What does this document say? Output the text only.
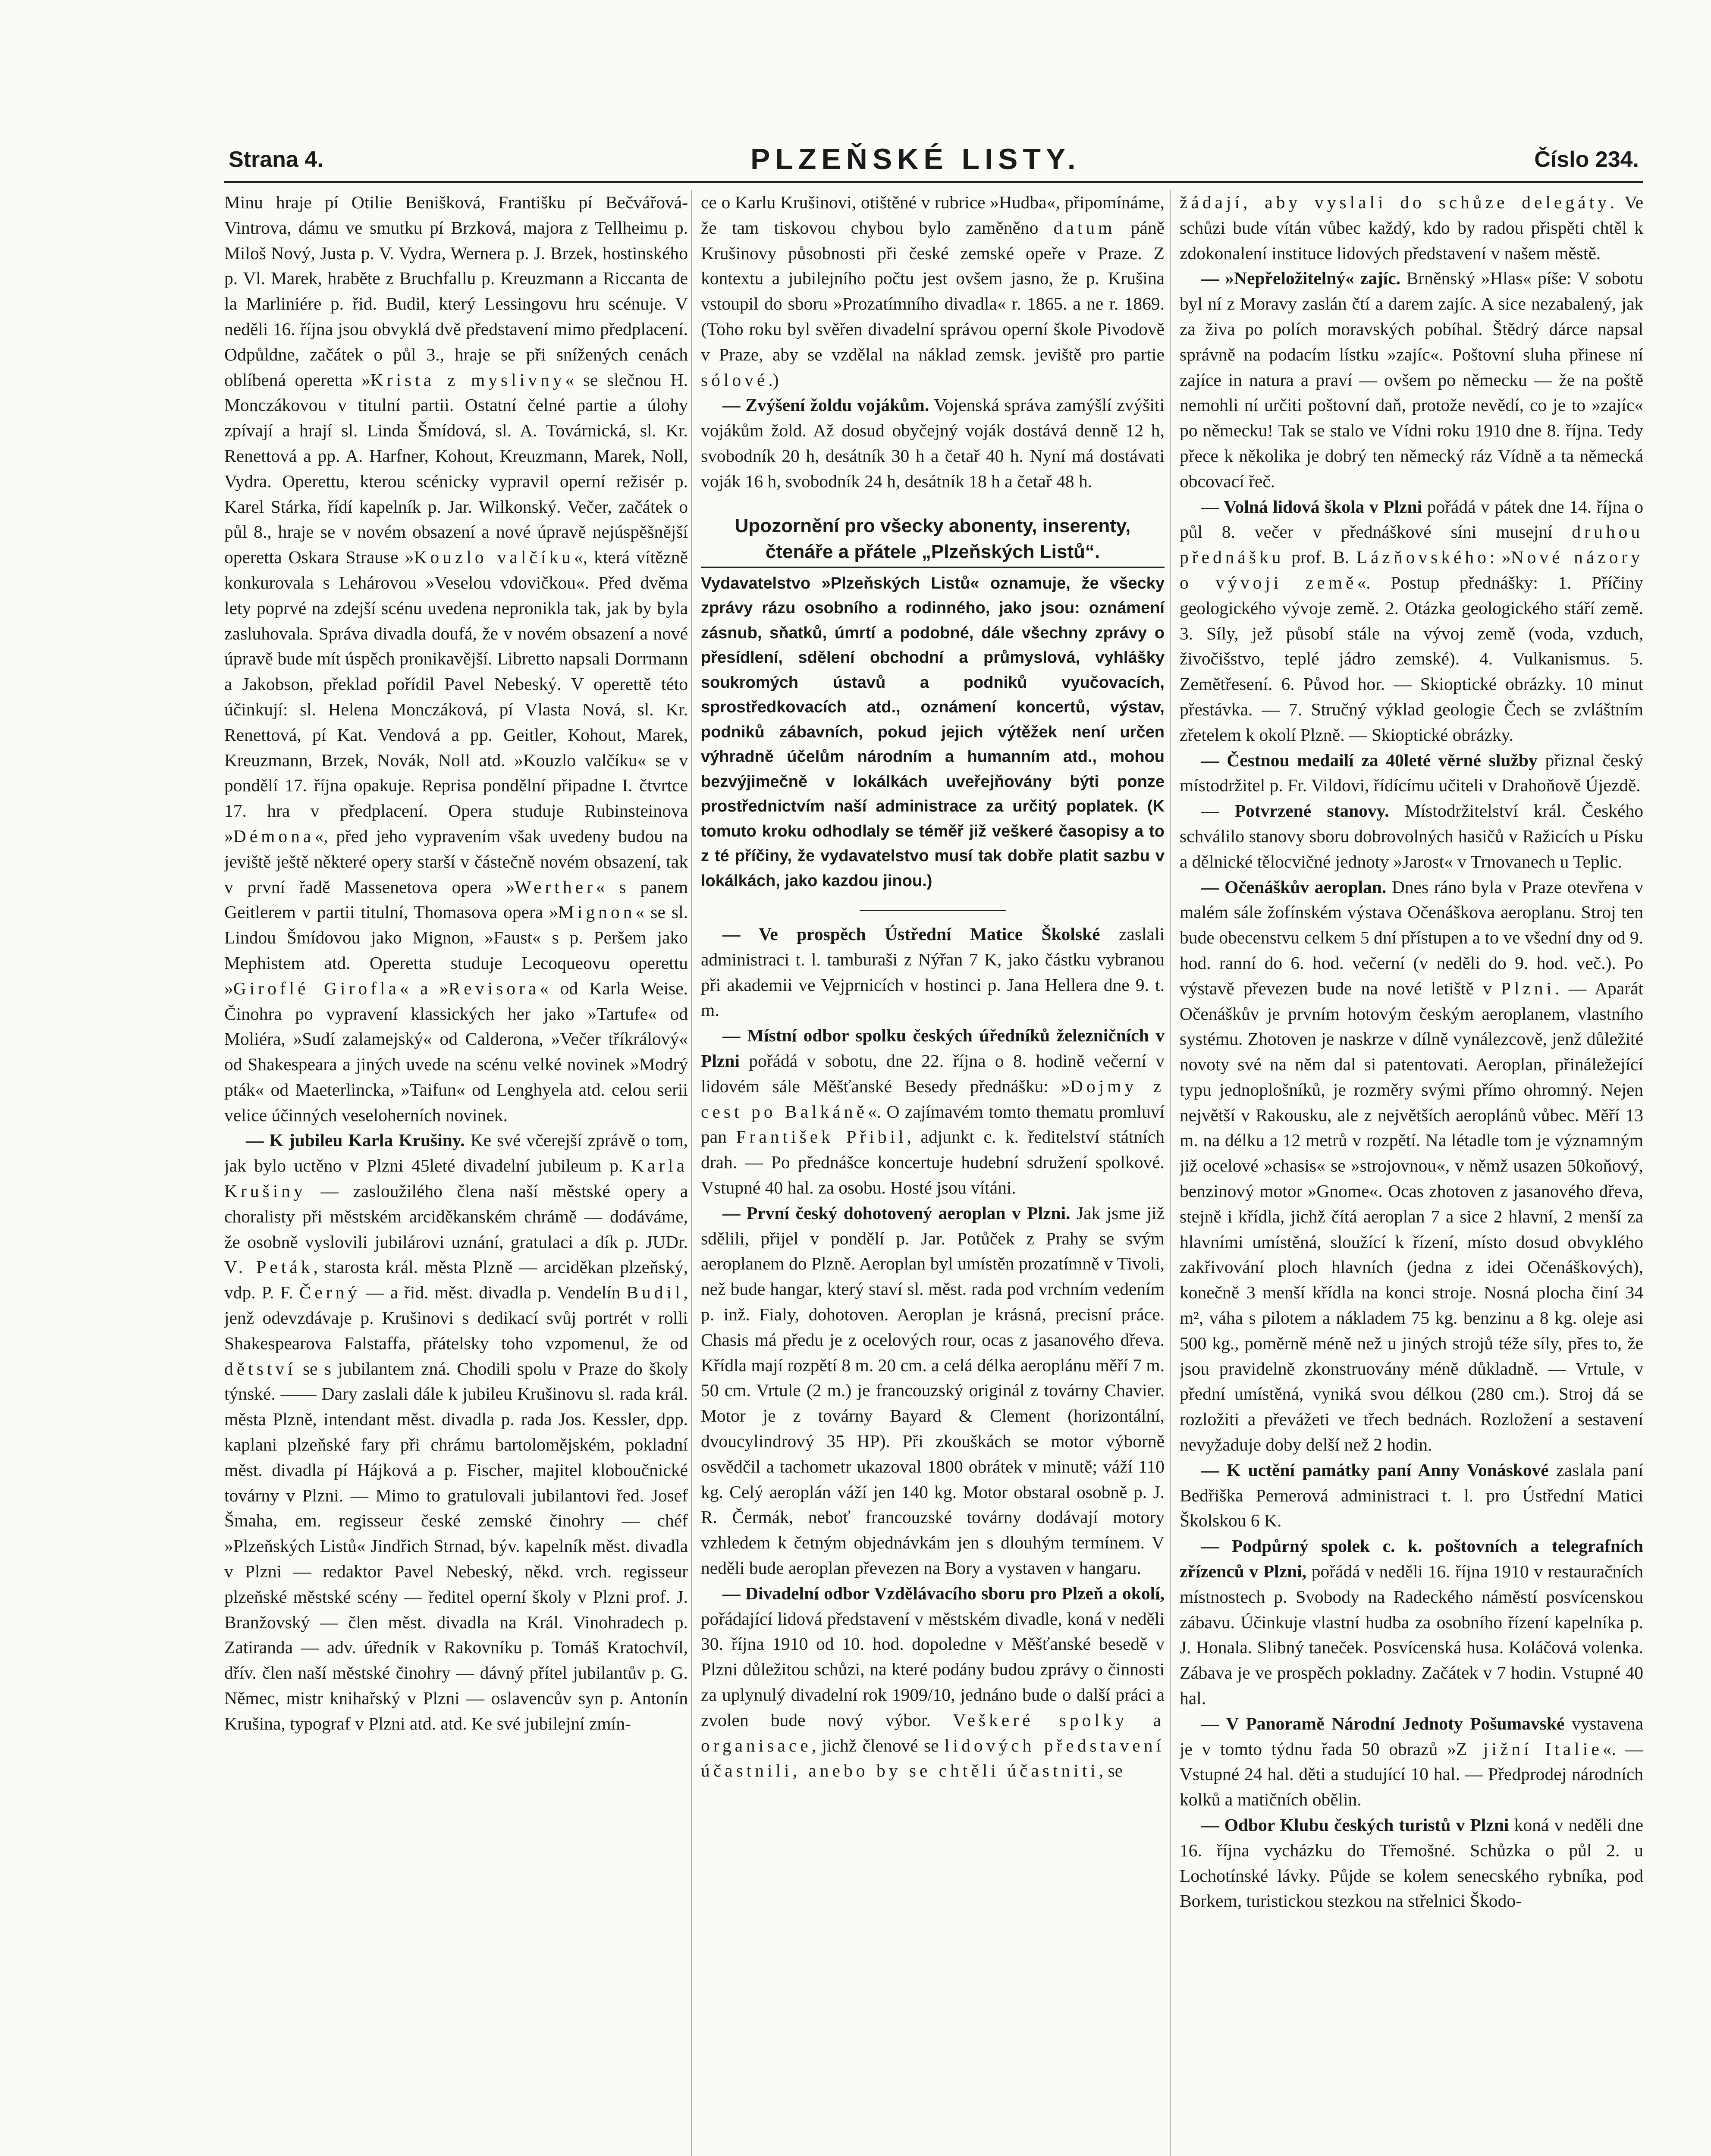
Strana 4.	PLZEŇSKÉ LISTY.	Číslo 234.

Minu hraje pí Otilie Benišková, Františku pí Bečvářová-Vintrova, dámu ve smutku pí Brzková, majora z Tellheimu p. Miloš Nový, Justa p. V. Vydra, Wernera p. J. Brzek, hostinského p. Vl. Marek, hraběte z Bruchfallu p. Kreuzmann a Riccanta de la Marliniére p. řid. Budil, který Lessingovu hru scénuje. V neděli 16. října jsou obvyklá dvě představení mimo předplacení. Odpůldne, začátek o půl 3., hraje se při snížených cenách oblíbená operetta »Krista z myslivny« se slečnou H. Monczákovou v titulní partii. Ostatní čelné partie a úlohy zpívají a hrají sl. Linda Šmídová, sl. A. Továrnická, sl. Kr. Renettová a pp. A. Harfner, Kohout, Kreuzmann, Marek, Noll, Vydra. Operettu, kterou scénicky vypravil operní režisér p. Karel Stárka, řídí kapelník p. Jar. Wilkonský. Večer, začátek o půl 8., hraje se v novém obsazení a nové úpravě nejúspěšnější operetta Oskara Strause »Kouzlo valčíku«, která vítězně konkurovala s Lehárovou »Veselou vdovičkou«. Před dvěma lety poprvé na zdejší scénu uvedena nepronikla tak, jak by byla zasluhovala. Správa divadla doufá, že v novém obsazení a nové úpravě bude mít úspěch pronikavější. Libretto napsali Dorrmann a Jakobson, překlad pořídil Pavel Nebeský. V operettě této účinkují: sl. Helena Monczáková, pí Vlasta Nová, sl. Kr. Renettová, pí Kat. Vendová a pp. Geitler, Kohout, Marek, Kreuzmann, Brzek, Novák, Noll atd. »Kouzlo valčíku« se v pondělí 17. října opakuje. Reprisa pondělní připadne I. čtvrtce 17. hra v předplacení. Opera studuje Rubinsteinova »Démona«, před jeho vypravením však uvedeny budou na jeviště ještě některé opery starší v částečně novém obsazení, tak v první řadě Massenetova opera »Werther« s panem Geitlerem v partii titulní, Thomasova opera »Mignon« se sl. Lindou Šmídovou jako Mignon, »Faust« s p. Peršem jako Mephistem atd. Operetta studuje Lecoqueovu operettu »Giroflé Girofla« a »Revisora« od Karla Weise. Činohra po vypravení klassických her jako »Tartufe« od Moliéra, »Sudí zalamejský« od Calderona, »Večer tříkrálový« od Shakespeara a jiných uvede na scénu velké novinek »Modrý pták« od Maeterlincka, »Taifun« od Lenghyela atd. celou serii velice účinných veseloherních novinek.

— K jubileu Karla Krušiny. Ke své včerejší zprávě o tom, jak bylo uctěno v Plzni 45leté divadelní jubileum p. Karla Krušiny — zasloužilého člena naší městské opery a choralisty při městském arciděkanském chrámě — dodáváme, že osobně vyslovili jubilárovi uznání, gratulaci a dík p. JUDr. V. Peták, starosta král. města Plzně — arciděkan plzeňský, vdp. P. F. Černý — a řid. měst. divadla p. Vendelín Budil, jenž odevzdávaje p. Krušinovi s dedikací svůj portrét v rolli Shakespearova Falstaffa, přátelsky toho vzpomenul, že od dětství se s jubilantem zná. Chodili spolu v Praze do školy týnské. —— Dary zaslali dále k jubileu Krušinovu sl. rada král. města Plzně, intendant měst. divadla p. rada Jos. Kessler, dpp. kaplani plzeňské fary při chrámu bartolomějském, pokladní měst. divadla pí Hájková a p. Fischer, majitel kloboučnické továrny v Plzni. — Mimo to gratulovali jubilantovi řed. Josef Šmaha, em. regisseur české zemské činohry — chéf »Plzeňských Listů« Jindřich Strnad, býv. kapelník měst. divadla v Plzni — redaktor Pavel Nebeský, někd. vrch. regisseur plzeňské městské scény — ředitel operní školy v Plzni prof. J. Branžovský — člen měst. divadla na Král. Vinohradech p. Zatiranda — adv. úředník v Rakovníku p. Tomáš Kratochvíl, dřív. člen naší městské činohry — dávný přítel jubilantův p. G. Němec, mistr knihařský v Plzni — oslavencův syn p. Antonín Krušina, typograf v Plzni atd. atd. Ke své jubilejní zmín-

ce o Karlu Krušinovi, otištěné v rubrice »Hudba«, připomínáme, že tam tiskovou chybou bylo zaměněno datum páně Krušinovy působnosti při české zemské opeře v Praze. Z kontextu a jubilejního počtu jest ovšem jasno, že p. Krušina vstoupil do sboru »Prozatímního divadla« r. 1865. a ne r. 1869. (Toho roku byl svěřen divadelní správou operní škole Pivodově v Praze, aby se vzdělal na náklad zemsk. jeviště pro partie sólové.)

— Zvýšení žoldu vojákům. Vojenská správa zamýšlí zvýšiti vojákům žold. Až dosud obyčejný voják dostává denně 12 h, svobodník 20 h, desátník 30 h a četař 40 h. Nyní má dostávati voják 16 h, svobodník 24 h, desátník 18 h a četař 48 h.

Upozornění pro všecky abonenty, inserenty, čtenáře a přátele „Plzeňských Listů“.
Vydavatelstvo »Plzeňských Listů« oznamuje, že všecky zprávy rázu osobního a rodinného, jako jsou: oznámení zásnub, sňatků, úmrtí a podobné, dále všechny zprávy o přesídlení, sdělení obchodní a průmyslová, vyhlášky soukromých ústavů a podniků vyučovacích, sprostředkovacích atd., oznámení koncertů, výstav, podniků zábavních, pokud jejich výtěžek není určen výhradně účelům národním a humanním atd., mohou bezvýjimečně v lokálkách uveřejňovány býti ponze prostřednictvím naší administrace za určitý poplatek. (K tomuto kroku odhodlaly se téměř již veškeré časopisy a to z té příčiny, že vydavatelstvo musí tak dobře platit sazbu v lokálkách, jako kazdou jinou.)

— Ve prospěch Ústřední Matice Školské zaslali administraci t. l. tamburaši z Nýřan 7 K, jako částku vybranou při akademii ve Vejprnicích v hostinci p. Jana Hellera dne 9. t. m.

— Místní odbor spolku českých úředníků železničních v Plzni pořádá v sobotu, dne 22. října o 8. hodině večerní v lidovém sále Měšťanské Besedy přednášku: »Dojmy z cest po Balkáně«. O zajímavém tomto thematu promluví pan František Přibil, adjunkt c. k. ředitelství státních drah. — Po přednášce koncertuje hudební sdružení spolkové. Vstupné 40 hal. za osobu. Hosté jsou vítáni.

— První český dohotovený aeroplan v Plzni. Jak jsme již sdělili, přijel v pondělí p. Jar. Potůček z Prahy se svým aeroplanem do Plzně. Aeroplan byl umístěn prozatímně v Tivoli, než bude hangar, který staví sl. měst. rada pod vrchním vedením p. inž. Fialy, dohotoven. Aeroplan je krásná, precisní práce. Chasis má předu je z ocelových rour, ocas z jasanového dřeva. Křídla mají rozpětí 8 m. 20 cm. a celá délka aeroplánu měří 7 m. 50 cm. Vrtule (2 m.) je francouzský originál z továrny Chavier. Motor je z továrny Bayard & Clement (horizontální, dvoucylindrový 35 HP). Při zkouškách se motor výborně osvědčil a tachometr ukazoval 1800 obrátek v minutě; váží 110 kg. Celý aeroplán váží jen 140 kg. Motor obstaral osobně p. J. R. Čermák, neboť francouzské továrny dodávají motory vzhledem k četným objednávkám jen s dlouhým termínem. V neděli bude aeroplan převezen na Bory a vystaven v hangaru.

— Divadelní odbor Vzdělávacího sboru pro Plzeň a okolí, pořádající lidová představení v městském divadle, koná v neděli 30. října 1910 od 10. hod. dopoledne v Měšťanské besedě v Plzni důležitou schůzi, na které podány budou zprávy o činnosti za uplynulý divadelní rok 1909/10, jednáno bude o další práci a zvolen bude nový výbor. Veškeré spolky a organisace, jichž členové se lidových představení účastnili, anebo by se chtěli účastniti, se

žádají, aby vyslali do schůze delegáty. Ve schůzi bude vítán vůbec každý, kdo by radou přispěti chtěl k zdokonalení instituce lidových představení v našem městě.

— »Nepřeložitelný« zajíc. Brněnský »Hlas« píše: V sobotu byl ní z Moravy zaslán čtí a darem zajíc. A sice nezabalený, jak za živa po polích moravských pobíhal. Štědrý dárce napsal správně na podacím lístku »zajíc«. Poštovní sluha přinese ní zajíce in natura a praví — ovšem po německu — že na poště nemohli ní určiti poštovní daň, protože nevědí, co je to »zajíc« po německu! Tak se stalo ve Vídni roku 1910 dne 8. října. Tedy přece k několika je dobrý ten německý ráz Vídně a ta německá obcovací řeč.

— Volná lidová škola v Plzni pořádá v pátek dne 14. října o půl 8. večer v přednáškové síni musejní druhou přednášku prof. B. Lázňovského: »Nové názory o vývoji země«. Postup přednášky: 1. Příčiny geologického vývoje země. 2. Otázka geologického stáří země. 3. Síly, jež působí stále na vývoj země (voda, vzduch, živočišstvo, teplé jádro zemské). 4. Vulkanismus. 5. Zemětřesení. 6. Původ hor. — Skioptické obrázky. 10 minut přestávka. — 7. Stručný výklad geologie Čech se zvláštním zřetelem k okolí Plzně. — Skioptické obrázky.

— Čestnou medailí za 40leté věrné služby přiznal český místodržitel p. Fr. Vildovi, řídícímu učiteli v Drahoňově Újezdě.

— Potvrzené stanovy. Místodržitelství král. Českého schválilo stanovy sboru dobrovolných hasičů v Ražicích u Písku a dělnické tělocvičné jednoty »Jarost« v Trnovanech u Teplic.

— Očenáškův aeroplan. Dnes ráno byla v Praze otevřena v malém sále žofínském výstava Očenáškova aeroplanu. Stroj ten bude obecenstvu celkem 5 dní přístupen a to ve všední dny od 9. hod. ranní do 6. hod. večerní (v neděli do 9. hod. več.). Po výstavě převezen bude na nové letiště v Plzni. — Aparát Očenáškův je prvním hotovým českým aeroplanem, vlastního systému. Zhotoven je naskrze v dílně vynálezcově, jenž důležité novoty své na něm dal si patentovati. Aeroplan, přináležející typu jednoplošníků, je rozměry svými přímo ohromný. Nejen největší v Rakousku, ale z největších aeroplánů vůbec. Měří 13 m. na délku a 12 metrů v rozpětí. Na létadle tom je významným již ocelové »chasis« se »strojovnou«, v němž usazen 50koňový, benzinový motor »Gnome«. Ocas zhotoven z jasanového dřeva, stejně i křídla, jichž čítá aeroplan 7 a sice 2 hlavní, 2 menší za hlavními umístěná, sloužící k řízení, místo dosud obvyklého zakřivování ploch hlavních (jedna z idei Očenáškových), konečně 3 menší křídla na konci stroje. Nosná plocha činí 34 m², váha s pilotem a nákladem 75 kg. benzinu a 8 kg. oleje asi 500 kg., poměrně méně než u jiných strojů téže síly, přes to, že jsou pravidelně zkonstruovány méně důkladně. — Vrtule, v přední umístěná, vyniká svou délkou (280 cm.). Stroj dá se rozložiti a převážeti ve třech bednách. Rozložení a sestavení nevyžaduje doby delší než 2 hodin.

— K uctění památky paní Anny Vonáskové zaslala paní Bedřiška Pernerová administraci t. l. pro Ústřední Matici Školskou 6 K.

— Podpůrný spolek c. k. poštovních a telegrafních zřízenců v Plzni, pořádá v neděli 16. října 1910 v restauračních místnostech p. Svobody na Radeckého náměstí posvícenskou zábavu. Účinkuje vlastní hudba za osobního řízení kapelníka p. J. Honala. Slibný taneček. Posvícenská husa. Koláčová volenka. Zábava je ve prospěch pokladny. Začátek v 7 hodin. Vstupné 40 hal.

— V Panoramě Národní Jednoty Pošumavské vystavena je v tomto týdnu řada 50 obrazů »Z jižní Italie«. — Vstupné 24 hal. děti a studující 10 hal. — Předprodej národních kolků a matičních obělin.

— Odbor Klubu českých turistů v Plzni koná v neděli dne 16. října vycházku do Třemošné. Schůzka o půl 2. u Lochotínské lávky. Půjde se kolem senecského rybníka, pod Borkem, turistickou stezkou na střelnici Škodo-
